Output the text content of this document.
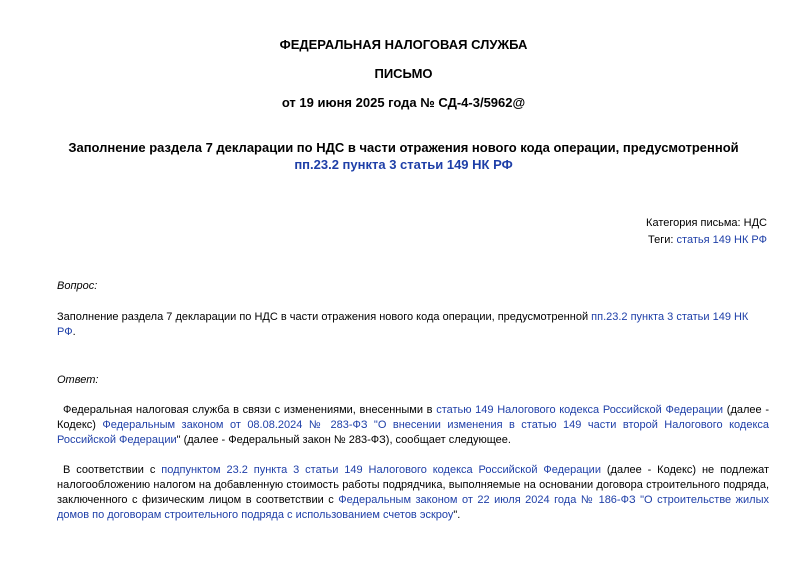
ФЕДЕРАЛЬНАЯ НАЛОГОВАЯ СЛУЖБА
ПИСЬМО
от 19 июня 2025 года № СД-4-3/5962@
Заполнение раздела 7 декларации по НДС в части отражения нового кода операции, предусмотренной
пп.23.2 пункта 3 статьи 149 НК РФ
Категория письма: НДС
Теги: статья 149 НК РФ
Вопрос:
Заполнение раздела 7 декларации по НДС в части отражения нового кода операции, предусмотренной пп.23.2 пункта 3 статьи 149 НК РФ.
Ответ:

Федеральная налоговая служба в связи с изменениями, внесенными в статью 149 Налогового кодекса Российской Федерации (далее - Кодекс) Федеральным законом от 08.08.2024 № 283-ФЗ "О внесении изменения в статью 149 части второй Налогового кодекса Российской Федерации" (далее - Федеральный закон № 283-ФЗ), сообщает следующее.

В соответствии с подпунктом 23.2 пункта 3 статьи 149 Налогового кодекса Российской Федерации (далее - Кодекс) не подлежат налогообложению налогом на добавленную стоимость работы подрядчика, выполняемые на основании договора строительного подряда, заключенного с физическим лицом в соответствии с Федеральным законом от 22 июля 2024 года № 186-ФЗ "О строительстве жилых домов по договорам строительного подряда с использованием счетов эскроу".
